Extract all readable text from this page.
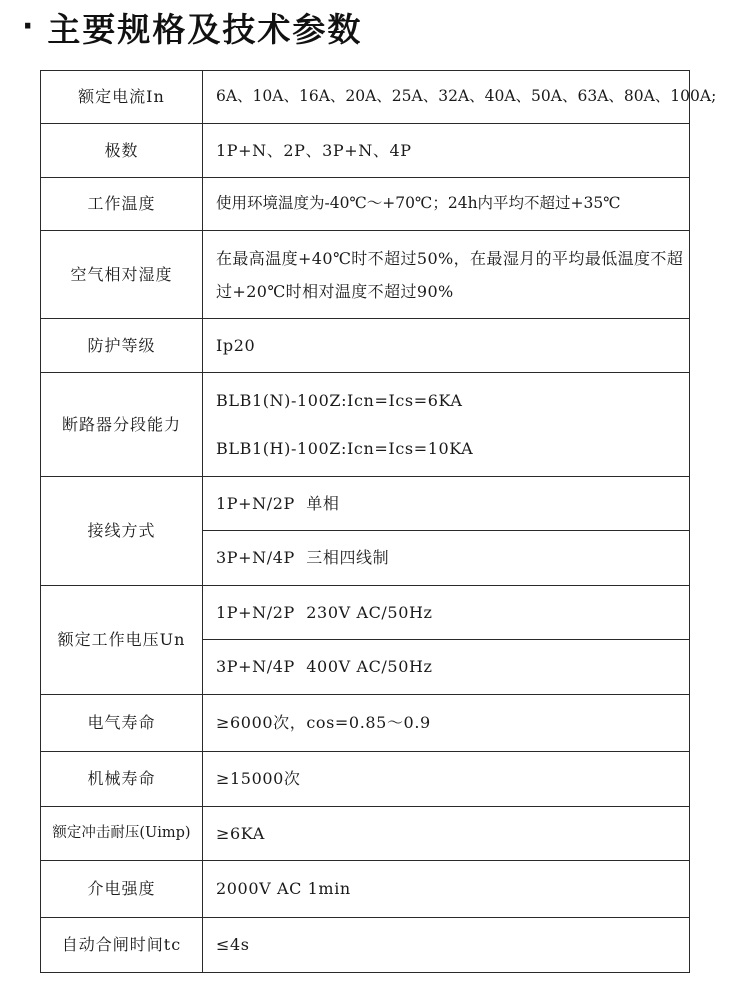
· 主要规格及技术参数
额定电流In	6A、10A、16A、20A、25A、32A、40A、50A、63A、80A、100A;
极数	1P+N、2P、3P+N、4P
工作温度	使用环境温度为-40℃～+70℃；24h内平均不超过+35℃
空气相对湿度	在最高温度+40℃时不超过50%，在最湿月的平均最低温度不超过+20℃时相对温度不超过90%
防护等级	Ip20
断路器分段能力	BLB1(N)-100Z:Icn=Ics=6KA
BLB1(H)-100Z:Icn=Ics=10KA

接线方式	1P+N/2P  单相
	3P+N/4P  三相四线制
额定工作电压Un	1P+N/2P  230V AC/50Hz
	3P+N/4P  400V AC/50Hz
电气寿命	≥6000次，cos=0.85～0.9
机械寿命	≥15000次
额定冲击耐压(Uimp)	≥6KA
介电强度	2000V AC 1min
自动合闸时间tc	≤4s
